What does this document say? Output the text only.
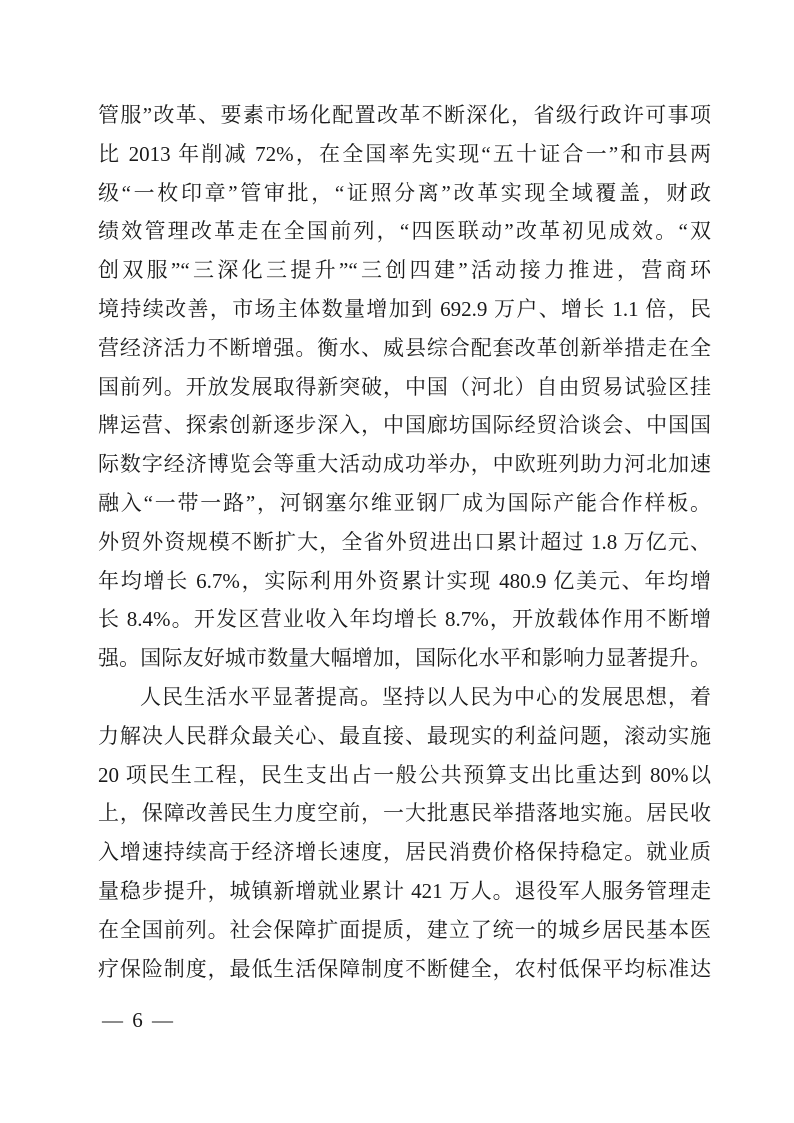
管服”改革、要素市场化配置改革不断深化，省级行政许可事项

比 2013 年削减 72%，在全国率先实现“五十证合一”和市县两

级“一枚印章”管审批，“证照分离”改革实现全域覆盖，财政

绩效管理改革走在全国前列，“四医联动”改革初见成效。“双

创双服”“三深化三提升”“三创四建”活动接力推进，营商环

境持续改善，市场主体数量增加到 692.9 万户、增长 1.1 倍，民

营经济活力不断增强。衡水、威县综合配套改革创新举措走在全

国前列。开放发展取得新突破，中国（河北）自由贸易试验区挂

牌运营、探索创新逐步深入，中国廊坊国际经贸洽谈会、中国国

际数字经济博览会等重大活动成功举办，中欧班列助力河北加速

融入“一带一路”，河钢塞尔维亚钢厂成为国际产能合作样板。

外贸外资规模不断扩大，全省外贸进出口累计超过 1.8 万亿元、

年均增长 6.7%，实际利用外资累计实现 480.9 亿美元、年均增

长 8.4%。开发区营业收入年均增长 8.7%，开放载体作用不断增

强。国际友好城市数量大幅增加，国际化水平和影响力显著提升。

人民生活水平显著提高。坚持以人民为中心的发展思想，着

力解决人民群众最关心、最直接、最现实的利益问题，滚动实施

20 项民生工程，民生支出占一般公共预算支出比重达到 80%以

上，保障改善民生力度空前，一大批惠民举措落地实施。居民收

入增速持续高于经济增长速度，居民消费价格保持稳定。就业质

量稳步提升，城镇新增就业累计 421 万人。退役军人服务管理走

在全国前列。社会保障扩面提质，建立了统一的城乡居民基本医

疗保险制度，最低生活保障制度不断健全，农村低保平均标准达

— 6 —
